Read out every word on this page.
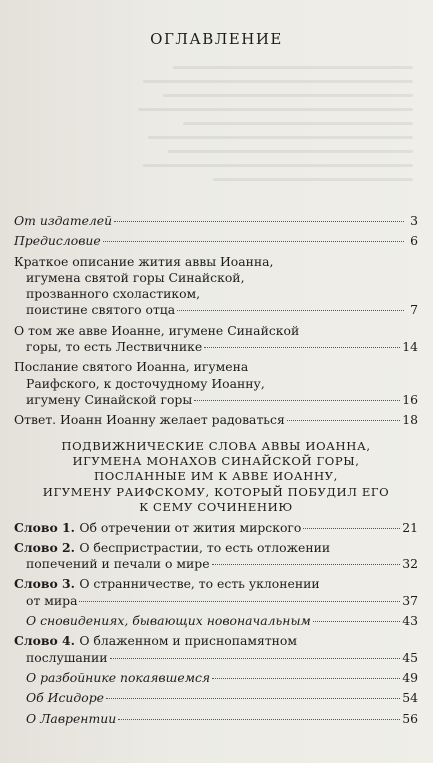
ОГЛАВЛЕНИЕ
От издателей	3
Предисловие	6
Краткое описание жития аввы Иоанна,
игумена святой горы Синайской,
прозванного схоластиком,
поистине святого отца	7
О том же авве Иоанне, игумене Синайской
горы, то есть Лествичнике	14
Послание святого Иоанна, игумена
Раифского, к досточудному Иоанну,
игумену Синайской горы	16
Ответ. Иоанн Иоанну желает радоваться	18
ПОДВИЖНИЧЕСКИЕ СЛОВА АВВЫ ИОАННА,
ИГУМЕНА МОНАХОВ СИНАЙСКОЙ ГОРЫ,
ПОСЛАННЫЕ ИМ К АВВЕ ИОАННУ,
ИГУМЕНУ РАИФСКОМУ, КОТОРЫЙ ПОБУДИЛ ЕГО
К СЕМУ СОЧИНЕНИЮ
Слово 1. Об отречении от жития мирского	21
Слово 2. О беспристрастии, то есть отложении
попечений и печали о мире	32
Слово 3. О странничестве, то есть уклонении
от мира	37
О сновидениях, бывающих новоначальным	43
Слово 4. О блаженном и приснопамятном
послушании	45
О разбойнике покаявшемся	49
Об Исидоре	54
О Лаврентии	56
